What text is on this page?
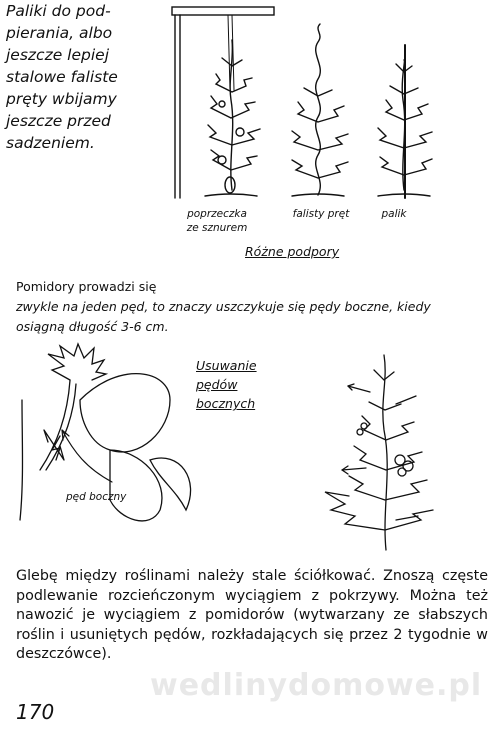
wedlinydomowe.pl
Paliki do pod-
pierania, albo
jeszcze lepiej
stalowe faliste
pręty wbijamy
jeszcze przed
sadzeniem.
poprzeczka
ze sznurem
falisty pręt	palik
Różne podpory
Pomidory prowadzi się
zwykle na jeden pęd, to znaczy uszczykuje się pędy boczne, kiedy
osiągną długość 3-6 cm.
Usuwanie
pędów
bocznych
pęd boczny
Glebę między roślinami należy stale ściółkować. Znoszą częste podlewanie rozcieńczonym wyciągiem z pokrzywy. Można też nawozić je wyciągiem z pomidorów (wytwarzany ze słabszych roślin i usuniętych pędów, rozkładających się przez 2 tygodnie w deszczówce).
170
